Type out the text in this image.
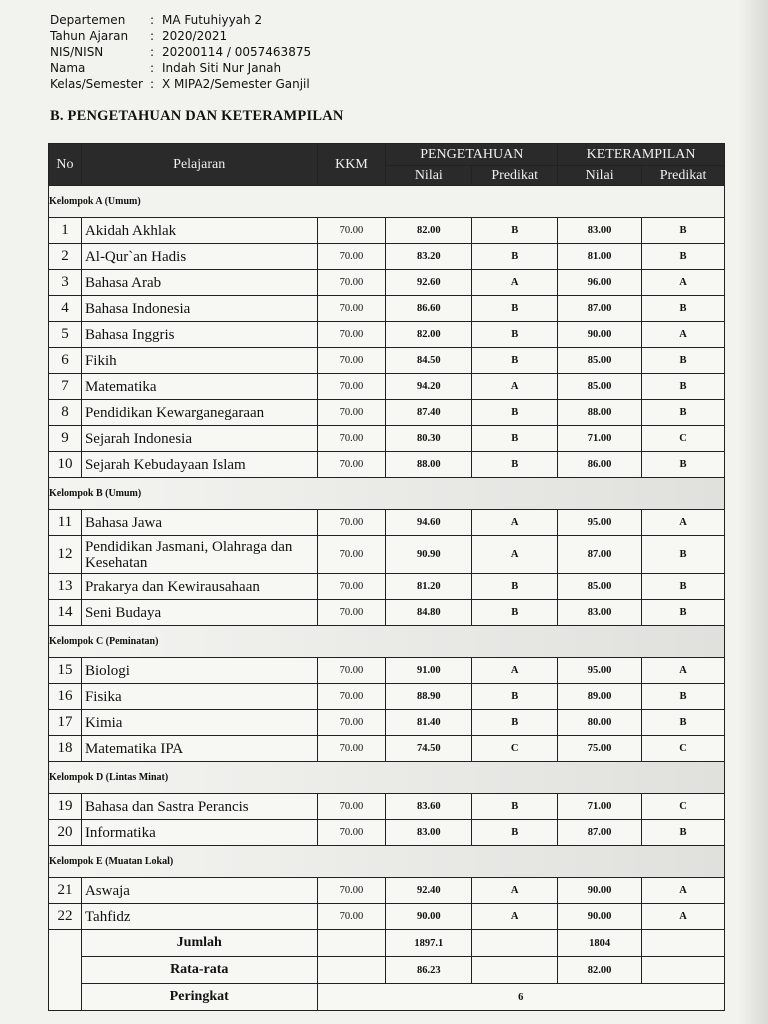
Departemen	: MA Futuhiyyah 2
Tahun Ajaran	: 2020/2021
NIS/NISN	: 20200114 / 0057463875
Nama	: Indah Siti Nur Janah
Kelas/Semester : X MIPA2/Semester Ganjil
B. PENGETAHUAN DAN KETERAMPILAN
No	Pelajaran	KKM	PENGETAHUAN		KETERAMPILAN	
			Nilai	Predikat	Nilai	Predikat
Kelompok A (Umum)						
1	Akidah Akhlak	70.00	82.00	B	83.00	B
2	Al-Qur`an Hadis	70.00	83.20	B	81.00	B
3	Bahasa Arab	70.00	92.60	A	96.00	A
4	Bahasa Indonesia	70.00	86.60	B	87.00	B
5	Bahasa Inggris	70.00	82.00	B	90.00	A
6	Fikih	70.00	84.50	B	85.00	B
7	Matematika	70.00	94.20	A	85.00	B
8	Pendidikan Kewarganegaraan	70.00	87.40	B	88.00	B
9	Sejarah Indonesia	70.00	80.30	B	71.00	C
10	Sejarah Kebudayaan Islam	70.00	88.00	B	86.00	B
Kelompok B (Umum)						
11	Bahasa Jawa	70.00	94.60	A	95.00	A
12	Pendidikan Jasmani, Olahraga dan Kesehatan	70.00	90.90	A	87.00	B
13	Prakarya dan Kewirausahaan	70.00	81.20	B	85.00	B
14	Seni Budaya	70.00	84.80	B	83.00	B
Kelompok C (Peminatan)						
15	Biologi	70.00	91.00	A	95.00	A
16	Fisika	70.00	88.90	B	89.00	B
17	Kimia	70.00	81.40	B	80.00	B
18	Matematika IPA	70.00	74.50	C	75.00	C
Kelompok D (Lintas Minat)						
19	Bahasa dan Sastra Perancis	70.00	83.60	B	71.00	C
20	Informatika	70.00	83.00	B	87.00	B
Kelompok E (Muatan Lokal)						
21	Aswaja	70.00	92.40	A	90.00	A
22	Tahfidz	70.00	90.00	A	90.00	A
	Jumlah		1897.1		1804	
	Rata-rata		86.23		82.00	
	Peringkat	6				
